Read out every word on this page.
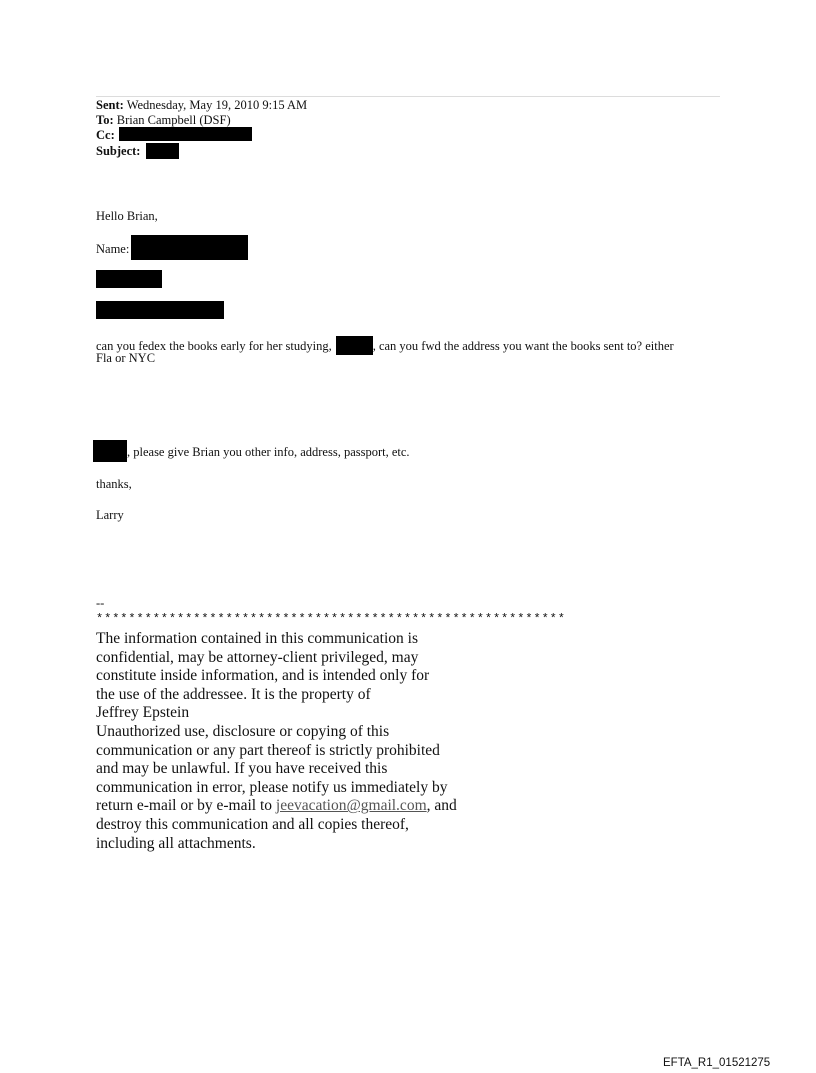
Sent: Wednesday, May 19, 2010 9:15 AM
To: Brian Campbell (DSF)
Cc:
Subject:
Hello Brian,
Name:
can you fedex the books early for her studying,	, can you fwd the address you want the books sent to? either
Fla or NYC
, please give Brian you other info, address, passport, etc.
thanks,
Larry
--
**********************************************************
The information contained in this communication is
confidential, may be attorney-client privileged, may
constitute inside information, and is intended only for
the use of the addressee. It is the property of
Jeffrey Epstein
Unauthorized use, disclosure or copying of this
communication or any part thereof is strictly prohibited
and may be unlawful. If you have received this
communication in error, please notify us immediately by
return e-mail or by e-mail to jeevacation@gmail.com, and
destroy this communication and all copies thereof,
including all attachments.
EFTA_R1_01521275
